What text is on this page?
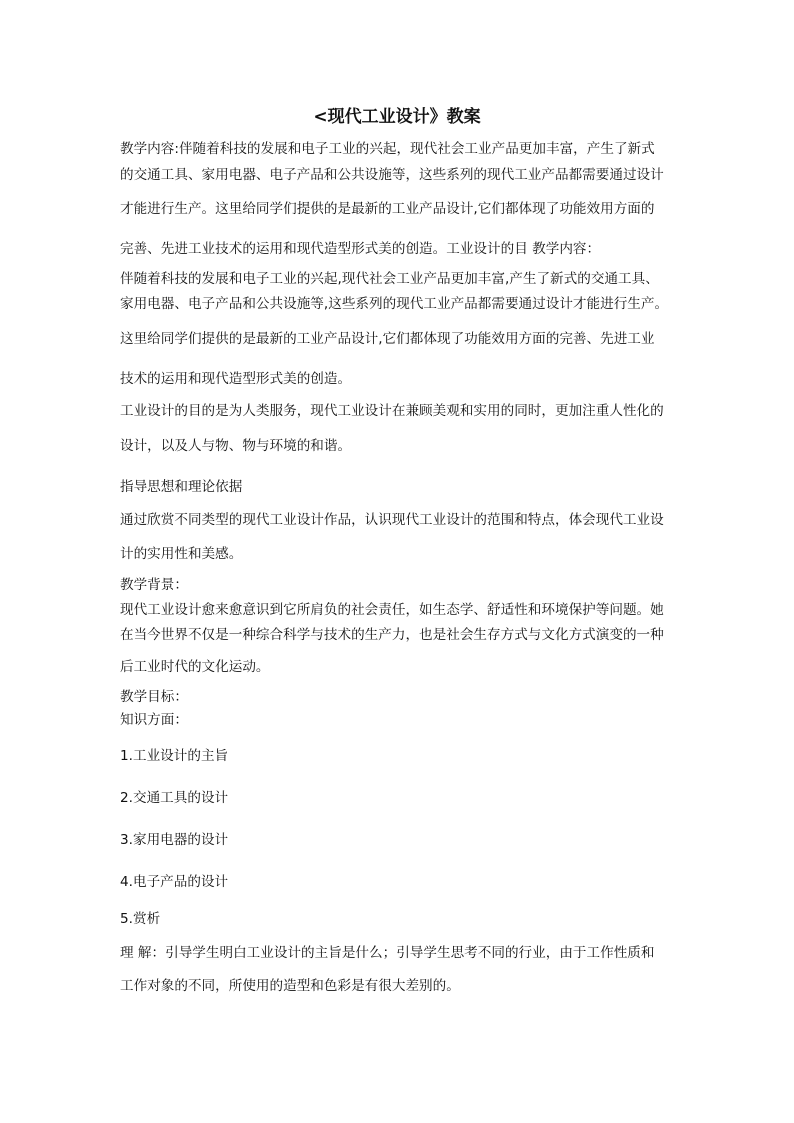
<现代工业设计》教案
教学内容:伴随着科技的发展和电子工业的兴起，现代社会工业产品更加丰富，产生了新式
的交通工具、家用电器、电子产品和公共设施等，这些系列的现代工业产品都需要通过设计
才能进行生产。这里给同学们提供的是最新的工业产品设计,它们都体现了功能效用方面的
完善、先进工业技术的运用和现代造型形式美的创造。工业设计的目 教学内容：
伴随着科技的发展和电子工业的兴起,现代社会工业产品更加丰富,产生了新式的交通工具、
家用电器、电子产品和公共设施等,这些系列的现代工业产品都需要通过设计才能进行生产。
这里给同学们提供的是最新的工业产品设计,它们都体现了功能效用方面的完善、先进工业
技术的运用和现代造型形式美的创造。
工业设计的目的是为人类服务，现代工业设计在兼顾美观和实用的同时，更加注重人性化的
设计，以及人与物、物与环境的和谐。
指导思想和理论依据
通过欣赏不同类型的现代工业设计作品，认识现代工业设计的范围和特点，体会现代工业设
计的实用性和美感。
教学背景：
现代工业设计愈来愈意识到它所肩负的社会责任，如生态学、舒适性和环境保护等问题。她
在当今世界不仅是一种综合科学与技术的生产力，也是社会生存方式与文化方式演变的一种
后工业时代的文化运动。
教学目标：
知识方面：
1.工业设计的主旨
2.交通工具的设计
3.家用电器的设计
4.电子产品的设计
5.赏析
理 解：引导学生明白工业设计的主旨是什么；引导学生思考不同的行业，由于工作性质和
工作对象的不同，所使用的造型和色彩是有很大差别的。
